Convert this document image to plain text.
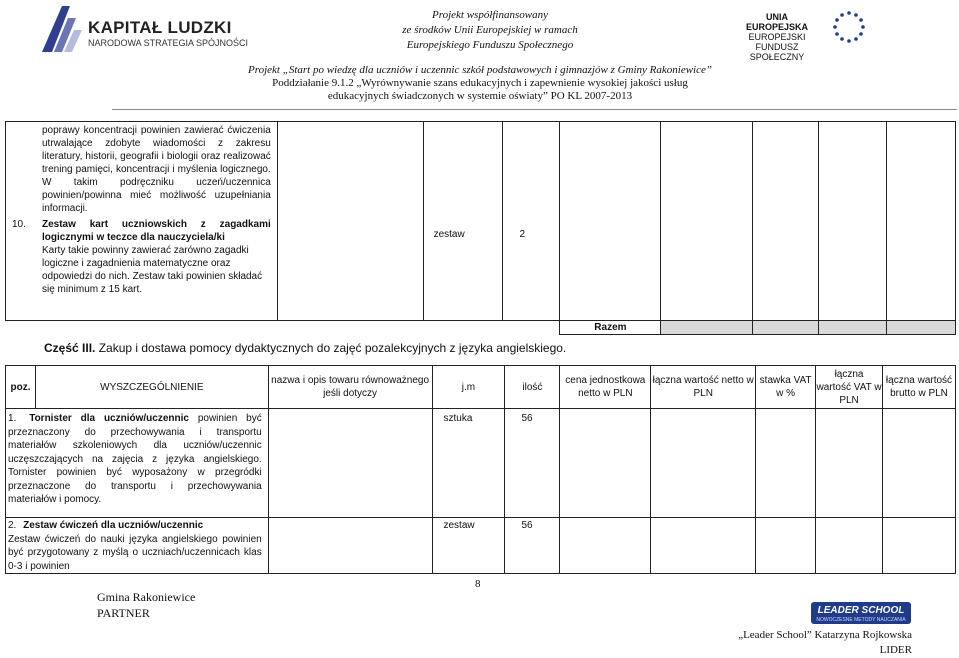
KAPITAŁ LUDZKI
NARODOWA STRATEGIA SPÓJNOŚCI
Projekt współfinansowany
ze środków Unii Europejskiej w ramach
Europejskiego Funduszu Społecznego
UNIA EUROPEJSKA
EUROPEJSKI
FUNDUSZ SPOŁECZNY
Projekt „Start po wiedzę dla uczniów i uczennic szkół podstawowych i gimnazjów z Gminy Rakoniewice”
Poddziałanie 9.1.2 „Wyrównywanie szans edukacyjnych i zapewnienie wysokiej jakości usług
edukacyjnych świadczonych w systemie oświaty” PO KL 2007-2013
poprawy koncentracji powinien zawierać ćwiczenia utrwalające zdobyte wiadomości z zakresu literatury, historii, geografii i biologii oraz realizować trening pamięci, koncentracji i myślenia logicznego. W takim podręczniku uczeń/uczennica powinien/powinna mieć możliwość uzupełniania informacji.
10. Zestaw kart uczniowskich z zagadkami logicznymi w teczce dla nauczyciela/ki
Karty takie powinny zawierać zarówno zagadki logiczne i zagadnienia matematyczne oraz odpowiedzi do nich. Zestaw taki powinien składać się minimum z 15 kart.		zestaw	2					

				Razem				
Część III. Zakup i dostawa pomocy dydaktycznych do zajęć pozalekcyjnych z języka angielskiego.
poz.	WYSZCZEGÓLNIENIE	nazwa i opis towaru równoważnego jeśli dotyczy	j.m	ilość	cena jednostkowa netto w PLN	łączna wartość netto w PLN	stawka VAT w %	łączna wartość VAT w PLN	łączna wartość brutto w PLN
1. Tornister dla uczniów/uczennic powinien być przeznaczony do przechowywania i transportu materiałów szkoleniowych dla uczniów/uczennic uczęszczających na zajęcia z języka angielskiego. Tornister powinien być wyposażony w przegródki przeznaczone do transportu i przechowywania materiałów i pomocy.			sztuka	56					
2. Zestaw ćwiczeń dla uczniów/uczennic
Zestaw ćwiczeń do nauki języka angielskiego powinien być przygotowany z myślą o uczniach/uczennicach klas 0-3 i powinien			zestaw	56					
8
Gmina Rakoniewice
PARTNER	LEADER SCHOOL
NOWOCZESNE METODY NAUCZANIA
„Leader School” Katarzyna Rojkowska
LIDER
